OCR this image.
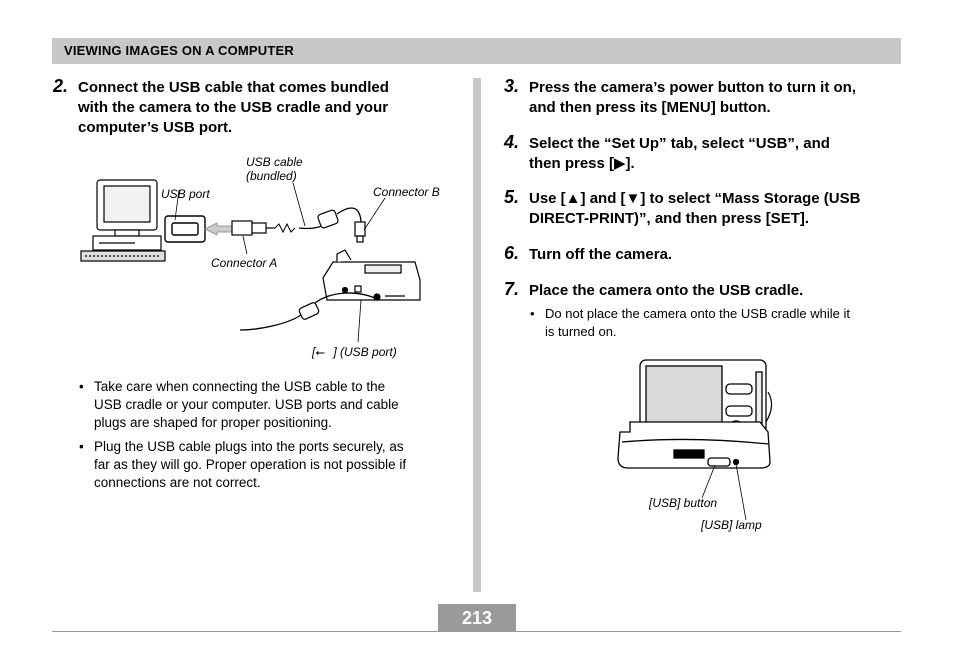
VIEWING IMAGES ON A COMPUTER
2. Connect the USB cable that comes bundled
with the camera to the USB cradle and your
computer’s USB port.
USB cable
(bundled)
USB port	Connector B
Connector A
[⭠ ] (USB port)
• Take care when connecting the USB cable to the
USB cradle or your computer. USB ports and cable
plugs are shaped for proper positioning.
• Plug the USB cable plugs into the ports securely, as
far as they will go. Proper operation is not possible if
connections are not correct.
3. Press the camera’s power button to turn it on,
and then press its [MENU] button.
4. Select the “Set Up” tab, select “USB”, and
then press [▶].
5. Use [▲] and [▼] to select “Mass Storage (USB
DIRECT-PRINT)”, and then press [SET].
6. Turn off the camera.
7. Place the camera onto the USB cradle.
• Do not place the camera onto the USB cradle while it
is turned on.
[USB] button
[USB] lamp
213
